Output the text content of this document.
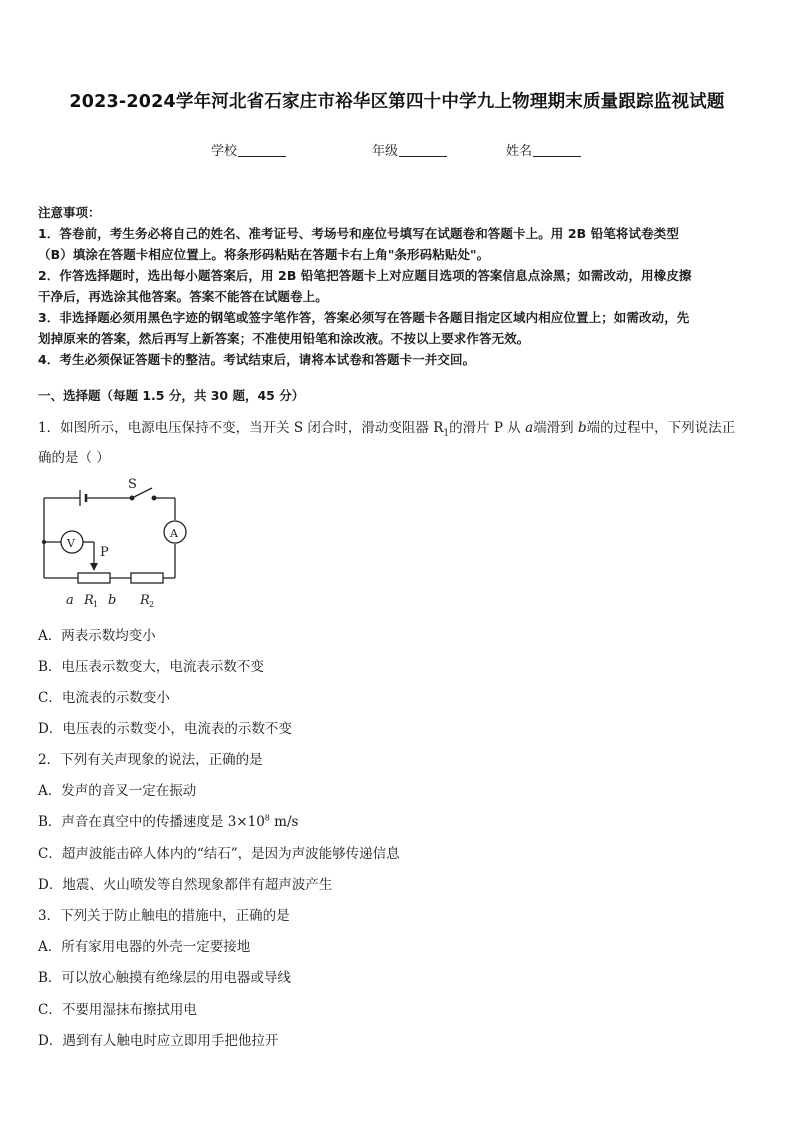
2023-2024学年河北省石家庄市裕华区第四十中学九上物理期末质量跟踪监视试题
学校	年级	姓名
注意事项：
1．答卷前，考生务必将自己的姓名、准考证号、考场号和座位号填写在试题卷和答题卡上。用 2B 铅笔将试卷类型
（B）填涂在答题卡相应位置上。将条形码粘贴在答题卡右上角"条形码粘贴处"。
2．作答选择题时，选出每小题答案后，用 2B 铅笔把答题卡上对应题目选项的答案信息点涂黑；如需改动，用橡皮擦
干净后，再选涂其他答案。答案不能答在试题卷上。
3．非选择题必须用黑色字迹的钢笔或签字笔作答，答案必须写在答题卡各题目指定区域内相应位置上；如需改动，先
划掉原来的答案，然后再写上新答案；不准使用铅笔和涂改液。不按以上要求作答无效。
4．考生必须保证答题卡的整洁。考试结束后，请将本试卷和答题卡一并交回。
一、选择题（每题 1.5 分，共 30 题，45 分）
1．如图所示，电源电压保持不变，当开关 S 闭合时，滑动变阻器 $R_1$的滑片 P 从 a端滑到 b端的过程中，下列说法正
确的是（ ）
S
A
V
P
a R 1 b R 2
A．两表示数均变小
B．电压表示数变大，电流表示数不变
C．电流表的示数变小
D．电压表的示数变小，电流表的示数不变
2．下列有关声现象的说法，正确的是
A．发声的音叉一定在振动
B．声音在真空中的传播速度是 $3\times 10^8$ m/s
C．超声波能击碎人体内的“结石”，是因为声波能够传递信息
D．地震、火山喷发等自然现象都伴有超声波产生
3．下列关于防止触电的措施中，正确的是
A．所有家用电器的外壳一定要接地
B．可以放心触摸有绝缘层的用电器或导线
C．不要用湿抹布擦拭用电
D．遇到有人触电时应立即用手把他拉开
